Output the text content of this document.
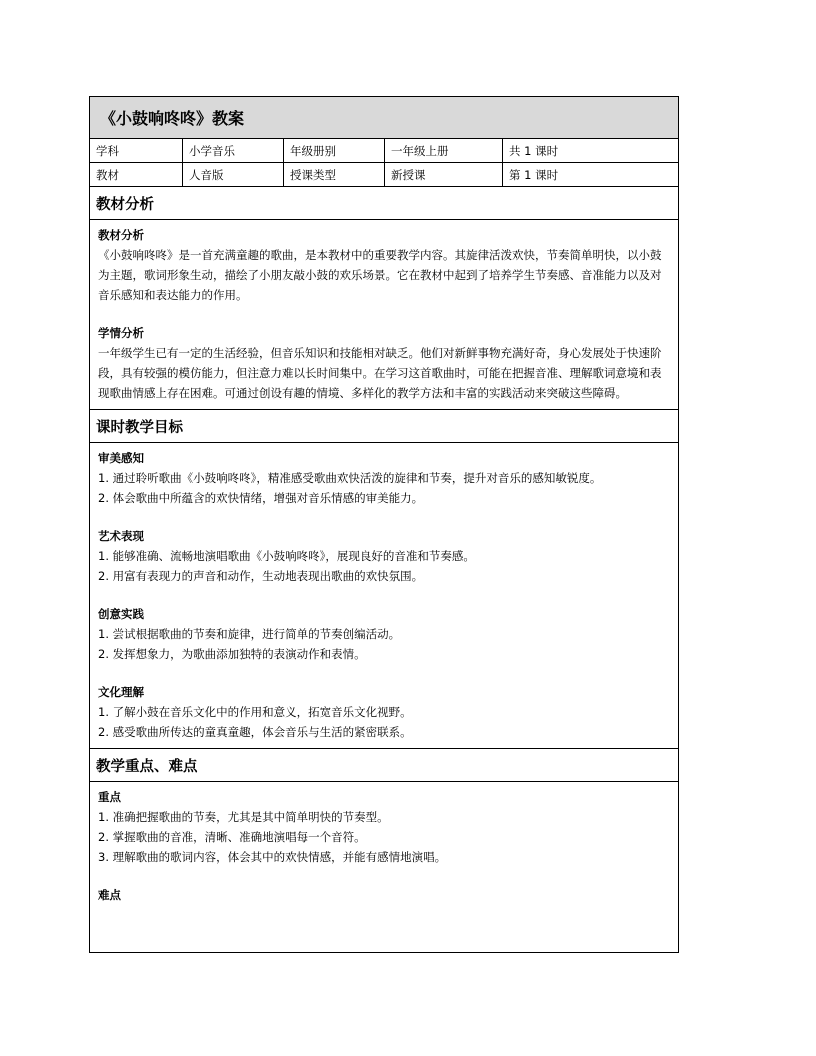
《小鼓响咚咚》教案
学科	小学音乐	年级册别	一年级上册	共 1 课时
教材	人音版	授课类型	新授课	第 1 课时
教材分析
教材分析

《小鼓响咚咚》是一首充满童趣的歌曲，是本教材中的重要教学内容。其旋律活泼欢快，节奏简单明快，以小鼓为主题，歌词形象生动，描绘了小朋友敲小鼓的欢乐场景。它在教材中起到了培养学生节奏感、音准能力以及对音乐感知和表达能力的作用。

学情分析

一年级学生已有一定的生活经验，但音乐知识和技能相对缺乏。他们对新鲜事物充满好奇，身心发展处于快速阶段，具有较强的模仿能力，但注意力难以长时间集中。在学习这首歌曲时，可能在把握音准、理解歌词意境和表现歌曲情感上存在困难。可通过创设有趣的情境、多样化的教学方法和丰富的实践活动来突破这些障碍。

课时教学目标
审美感知
1. 通过聆听歌曲《小鼓响咚咚》，精准感受歌曲欢快活泼的旋律和节奏，提升对音乐的感知敏锐度。
2. 体会歌曲中所蕴含的欢快情绪，增强对音乐情感的审美能力。
艺术表现
1. 能够准确、流畅地演唱歌曲《小鼓响咚咚》，展现良好的音准和节奏感。
2. 用富有表现力的声音和动作，生动地表现出歌曲的欢快氛围。
创意实践
1. 尝试根据歌曲的节奏和旋律，进行简单的节奏创编活动。
2. 发挥想象力，为歌曲添加独特的表演动作和表情。
文化理解
1. 了解小鼓在音乐文化中的作用和意义，拓宽音乐文化视野。
2. 感受歌曲所传达的童真童趣，体会音乐与生活的紧密联系。
教学重点、难点
重点
1. 准确把握歌曲的节奏，尤其是其中简单明快的节奏型。
2. 掌握歌曲的音准，清晰、准确地演唱每一个音符。
3. 理解歌曲的歌词内容，体会其中的欢快情感，并能有感情地演唱。
难点
